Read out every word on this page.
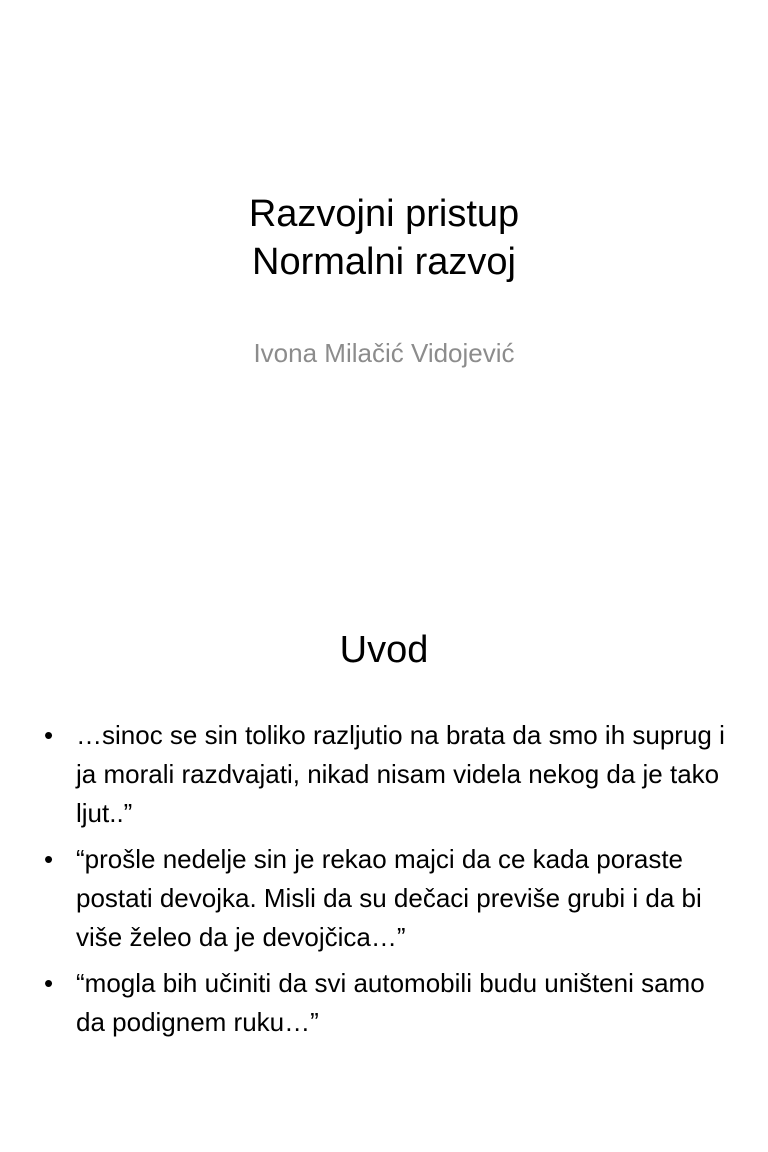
Razvojni pristup
Normalni razvoj
Ivona Milačić Vidojević
Uvod
• …sinoc se sin toliko razljutio na brata da smo ih suprug i ja morali razdvajati, nikad nisam videla nekog da je tako ljut..”
• “prošle nedelje sin je rekao majci da ce kada poraste postati devojka. Misli da su dečaci previše grubi i da bi više želeo da je devojčica…”
• “mogla bih učiniti da svi automobili budu uništeni samo da podignem ruku…”
